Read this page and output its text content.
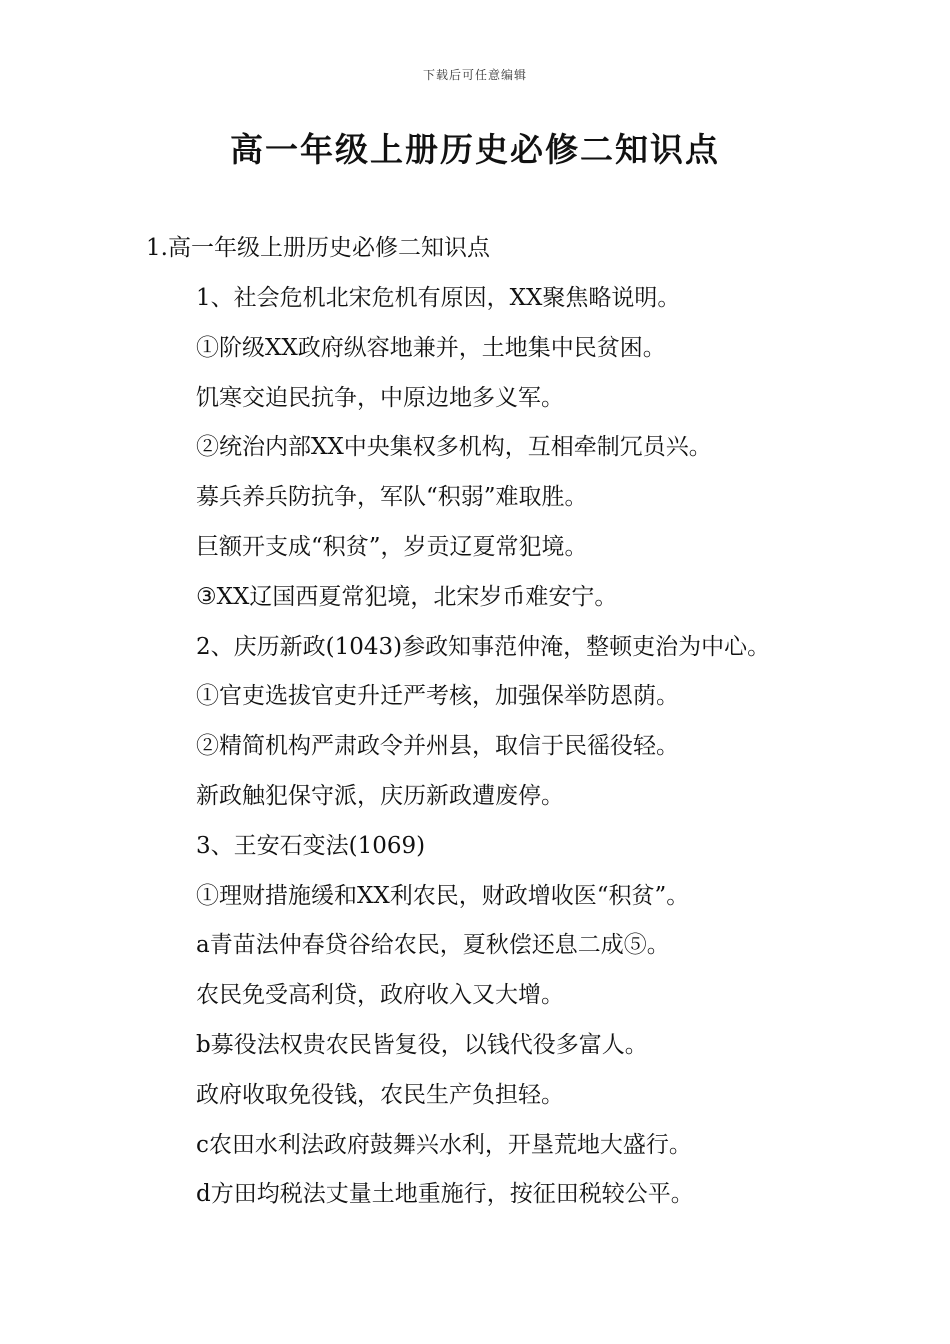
下载后可任意编辑
高一年级上册历史必修二知识点
1.高一年级上册历史必修二知识点
1、社会危机北宋危机有原因，XX聚焦略说明。
①阶级XX政府纵容地兼并，土地集中民贫困。
饥寒交迫民抗争，中原边地多义军。
②统治内部XX中央集权多机构，互相牵制冗员兴。
募兵养兵防抗争，军队“积弱”难取胜。
巨额开支成“积贫”，岁贡辽夏常犯境。
③XX辽国西夏常犯境，北宋岁币难安宁。
2、庆历新政(1043)参政知事范仲淹，整顿吏治为中心。
①官吏选拔官吏升迁严考核，加强保举防恩荫。
②精简机构严肃政令并州县，取信于民徭役轻。
新政触犯保守派，庆历新政遭废停。
3、王安石变法(1069)
①理财措施缓和XX利农民，财政增收医“积贫”。
a青苗法仲春贷谷给农民，夏秋偿还息二成⑤。
农民免受高利贷，政府收入又大增。
b募役法权贵农民皆复役，以钱代役多富人。
政府收取免役钱，农民生产负担轻。
c农田水利法政府鼓舞兴水利，开垦荒地大盛行。
d方田均税法丈量土地重施行，按征田税较公平。
